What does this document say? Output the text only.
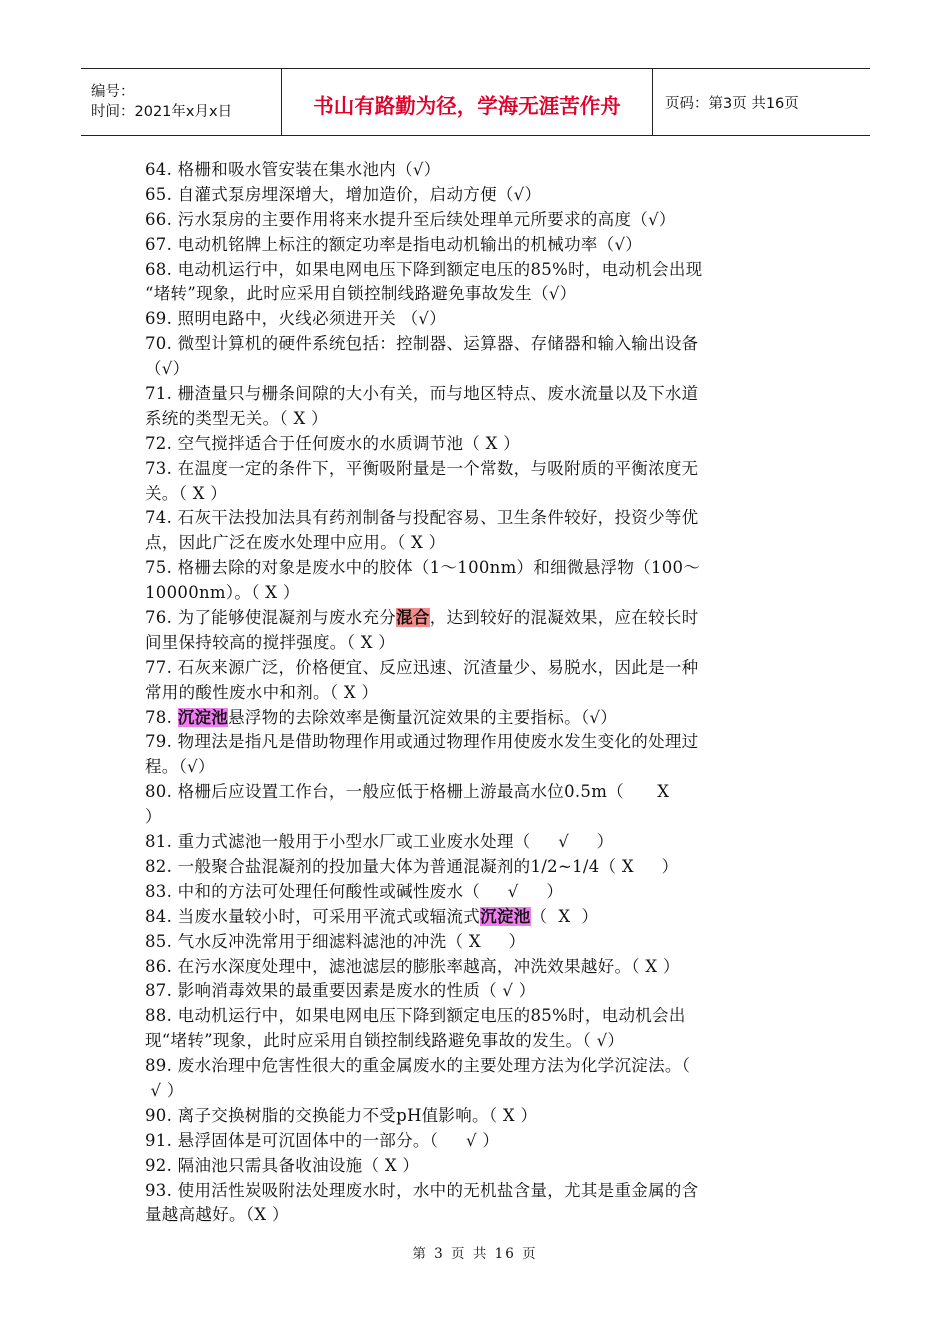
编号：
时间：2021年x月x日	书山有路勤为径，学海无涯苦作舟	页码：第3页 共16页
64. 格栅和吸水管安装在集水池内（√）
65. 自灌式泵房埋深增大，增加造价，启动方便（√）
66. 污水泵房的主要作用将来水提升至后续处理单元所要求的高度（√）
67. 电动机铭牌上标注的额定功率是指电动机输出的机械功率（√）
68. 电动机运行中，如果电网电压下降到额定电压的85%时，电动机会出现
“堵转”现象，此时应采用自锁控制线路避免事故发生（√）
69. 照明电路中，火线必须进开关 （√）
70. 微型计算机的硬件系统包括：控制器、运算器、存储器和输入输出设备
（√）
71. 栅渣量只与栅条间隙的大小有关，而与地区特点、废水流量以及下水道
系统的类型无关。（ X ）
72. 空气搅拌适合于任何废水的水质调节池（ X ）
73. 在温度一定的条件下，平衡吸附量是一个常数，与吸附质的平衡浓度无
关。（ X ）
74. 石灰干法投加法具有药剂制备与投配容易、卫生条件较好，投资少等优
点，因此广泛在废水处理中应用。（ X ）
75. 格栅去除的对象是废水中的胶体（1～100nm）和细微悬浮物（100～
10000nm）。（ X ）
76. 为了能够使混凝剂与废水充分混合，达到较好的混凝效果，应在较长时
间里保持较高的搅拌强度。（ X ）
77. 石灰来源广泛，价格便宜、反应迅速、沉渣量少、易脱水，因此是一种
常用的酸性废水中和剂。（ X ）
78. 沉淀池悬浮物的去除效率是衡量沉淀效果的主要指标。（√）
79. 物理法是指凡是借助物理作用或通过物理作用使废水发生变化的处理过
程。（√）
80. 格栅后应设置工作台，一般应低于格栅上游最高水位0.5m（      X
）
81. 重力式滤池一般用于小型水厂或工业废水处理（     √     ）
82. 一般聚合盐混凝剂的投加量大体为普通混凝剂的1/2~1/4（ X     ）
83. 中和的方法可处理任何酸性或碱性废水（     √     ）
84. 当废水量较小时，可采用平流式或辐流式沉淀池（  X  ）
85. 气水反冲洗常用于细滤料滤池的冲洗（ X     ）
86. 在污水深度处理中，滤池滤层的膨胀率越高，冲洗效果越好。（ X ）
87. 影响消毒效果的最重要因素是废水的性质（ √ ）
88. 电动机运行中，如果电网电压下降到额定电压的85%时，电动机会出
现“堵转”现象，此时应采用自锁控制线路避免事故的发生。（ √）
89. 废水治理中危害性很大的重金属废水的主要处理方法为化学沉淀法。（
√ ）
90. 离子交换树脂的交换能力不受pH值影响。（ X ）
91. 悬浮固体是可沉固体中的一部分。（     √ ）
92. 隔油池只需具备收油设施（ X ）
93. 使用活性炭吸附法处理废水时，水中的无机盐含量，尤其是重金属的含
量越高越好。（X ）
第 3 页 共 16 页
